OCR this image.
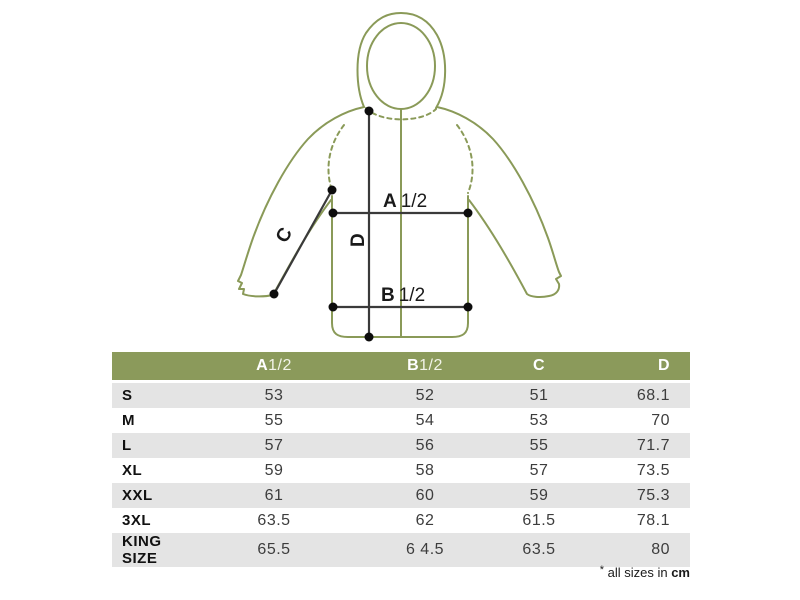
A 1/2
B 1/2
D
C
	A1/2	B1/2	C	D
S	53	52	51	68.1
M	55	54	53	70
L	57	56	55	71.7
XL	59	58	57	73.5
XXL	61	60	59	75.3
3XL	63.5	62	61.5	78.1
KING SIZE	65.5	6 4.5	63.5	80
* all sizes in cm
